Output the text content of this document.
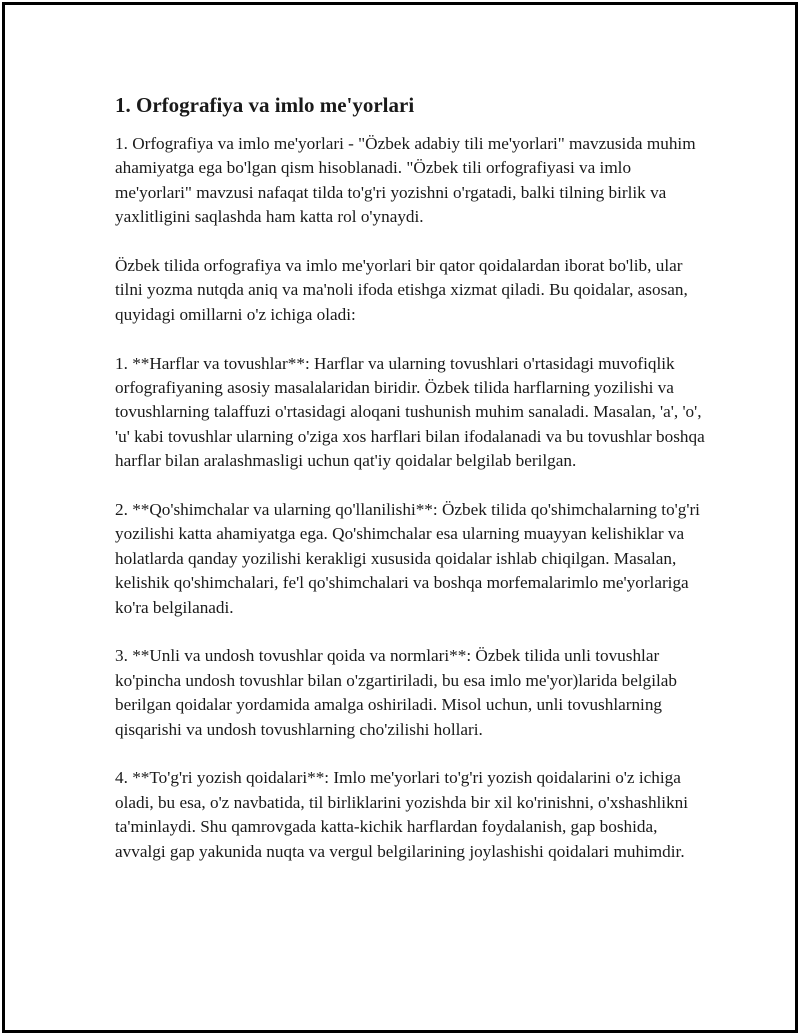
1. Orfografiya va imlo me'yorlari

1. Orfografiya va imlo me'yorlari - "Özbek adabiy tili me'yorlari" mavzusida muhim ahamiyatga ega bo'lgan qism hisoblanadi. "Özbek tili orfografiyasi va imlo me'yorlari" mavzusi nafaqat tilda to'g'ri yozishni o'rgatadi, balki tilning birlik va yaxlitligini saqlashda ham katta rol o'ynaydi.

Özbek tilida orfografiya va imlo me'yorlari bir qator qoidalardan iborat bo'lib, ular tilni yozma nutqda aniq va ma'noli ifoda etishga xizmat qiladi. Bu qoidalar, asosan, quyidagi omillarni o'z ichiga oladi:

1. **Harflar va tovushlar**: Harflar va ularning tovushlari o'rtasidagi muvofiqlik orfografiyaning asosiy masalalaridan biridir. Özbek tilida harflarning yozilishi va tovushlarning talaffuzi o'rtasidagi aloqani tushunish muhim sanaladi. Masalan, 'a', 'o', 'u' kabi tovushlar ularning o'ziga xos harflari bilan ifodalanadi va bu tovushlar boshqa harflar bilan aralashmasligi uchun qat'iy qoidalar belgilab berilgan.

2. **Qo'shimchalar va ularning qo'llanilishi**: Özbek tilida qo'shimchalarning to'g'ri yozilishi katta ahamiyatga ega. Qo'shimchalar esa ularning muayyan kelishiklar va holatlarda qanday yozilishi kerakligi xususida qoidalar ishlab chiqilgan. Masalan, kelishik qo'shimchalari, fe'l qo'shimchalari va boshqa morfemalarimlo me'yorlariga ko'ra belgilanadi.

3. **Unli va undosh tovushlar qoida va normlari**: Özbek tilida unli tovushlar ko'pincha undosh tovushlar bilan o'zgartiriladi, bu esa imlo me'yor)larida belgilab berilgan qoidalar yordamida amalga oshiriladi. Misol uchun, unli tovushlarning qisqarishi va undosh tovushlarning cho'zilishi hollari.

4. **To'g'ri yozish qoidalari**: Imlo me'yorlari to'g'ri yozish qoidalarini o'z ichiga oladi, bu esa, o'z navbatida, til birliklarini yozishda bir xil ko'rinishni, o'xshashlikni ta'minlaydi. Shu qamrovgada katta-kichik harflardan foydalanish, gap boshida, avvalgi gap yakunida nuqta va vergul belgilarining joylashishi qoidalari muhimdir.
